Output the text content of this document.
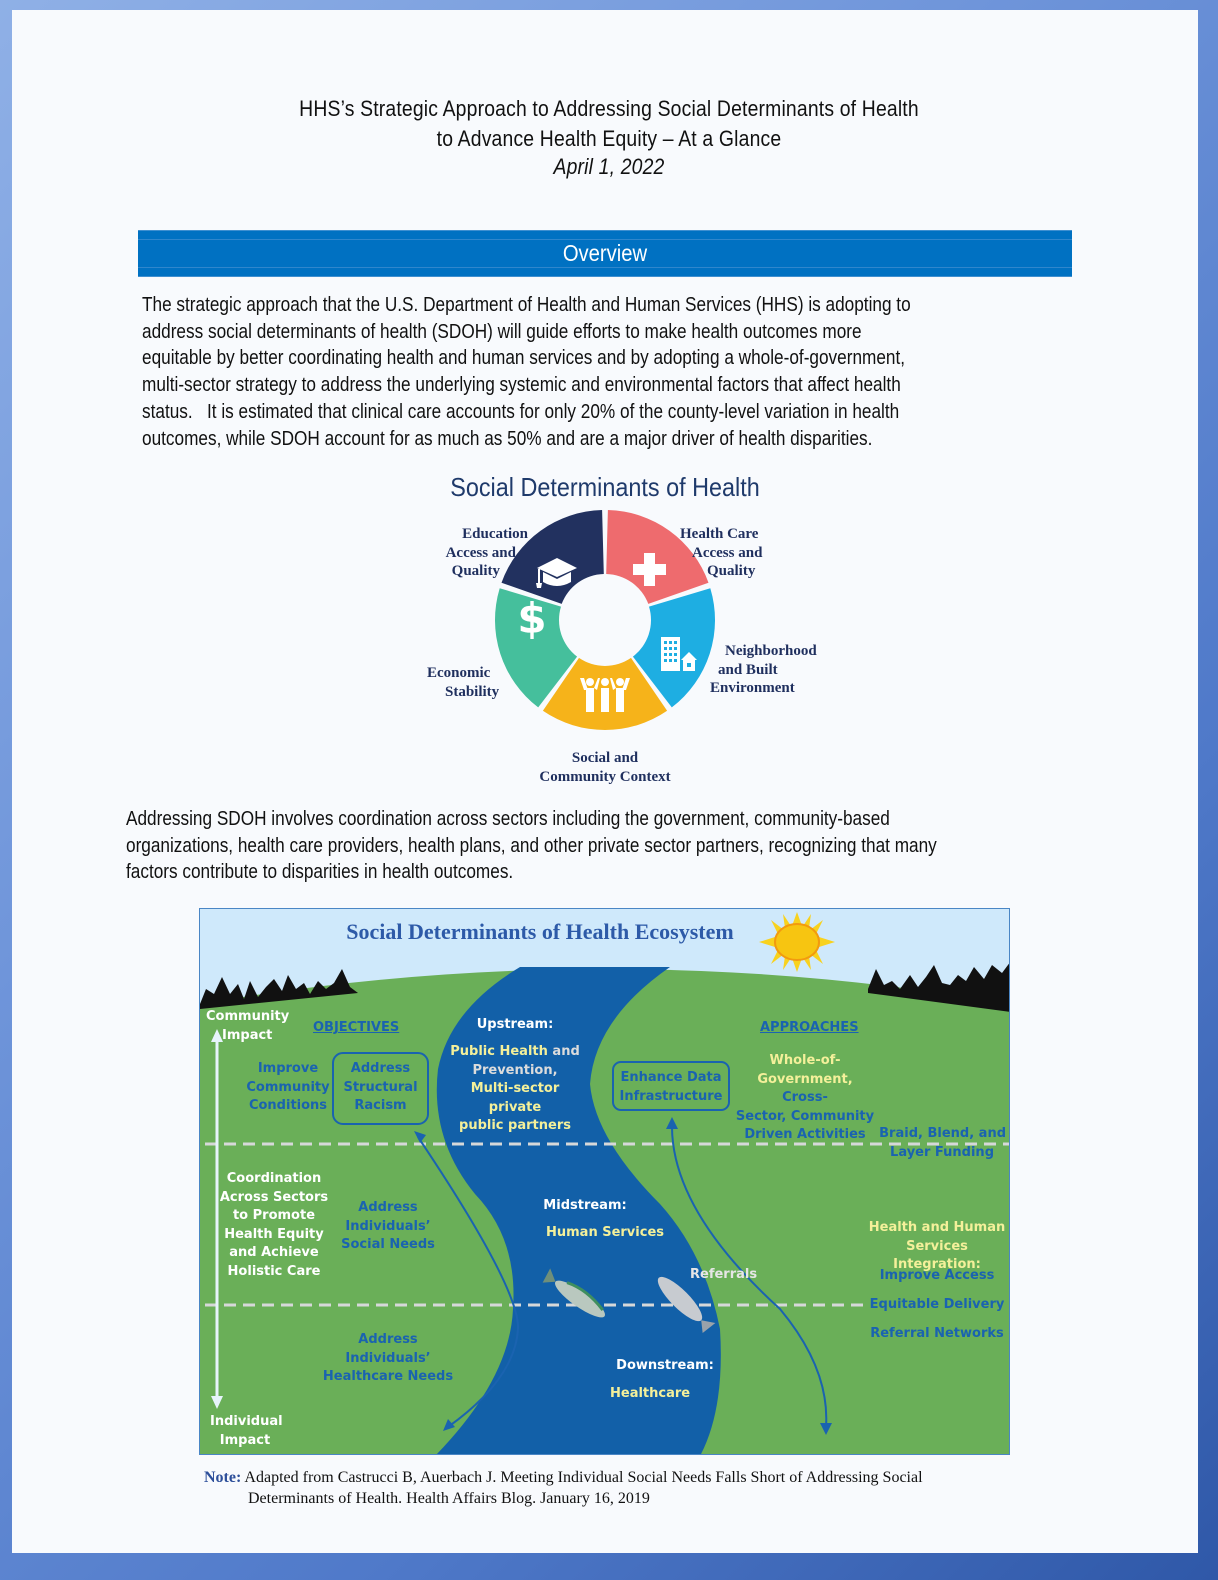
HHS’s Strategic Approach to Addressing Social Determinants of Health
to Advance Health Equity – At a Glance
April 1, 2022
Overview
The strategic approach that the U.S. Department of Health and Human Services (HHS) is adopting to
address social determinants of health (SDOH) will guide efforts to make health outcomes more
equitable by better coordinating health and human services and by adopting a whole-of-government,
multi-sector strategy to address the underlying systemic and environmental factors that affect health
status.   It is estimated that clinical care accounts for only 20% of the county-level variation in health
outcomes, while SDOH account for as much as 50% and are a major driver of health disparities.
Social Determinants of Health
$
Education
Access and
Quality
Health Care
Access and
Quality
Neighborhood
and Built
Environment
Economic
Stability
Social and
Community Context
Addressing SDOH involves coordination across sectors including the government, community-based
organizations, health care providers, health plans, and other private sector partners, recognizing that many
factors contribute to disparities in health outcomes.
Social Determinants of Health Ecosystem
Community
Impact
Coordination
Across Sectors
to Promote
Health Equity
and Achieve
Holistic Care
Individual
Impact
OBJECTIVES
Improve
Community
Conditions
Address
Structural
Racism
Address
Individuals’
Social Needs
Address
Individuals’
Healthcare Needs
Upstream:
Public Health and
Prevention,
Multi-sector private
public partners
Midstream:
Human Services
Referrals
Downstream:
Healthcare
APPROACHES
Enhance Data
Infrastructure
Whole-of-
Government, Cross-
Sector, Community
Driven Activities	Braid, Blend, and
Layer Funding
Health and Human
Services Integration:
Improve Access
Equitable Delivery
Referral Networks
Note: Adapted from Castrucci B, Auerbach J. Meeting Individual Social Needs Falls Short of Addressing Social
Determinants of Health. Health Affairs Blog. January 16, 2019
